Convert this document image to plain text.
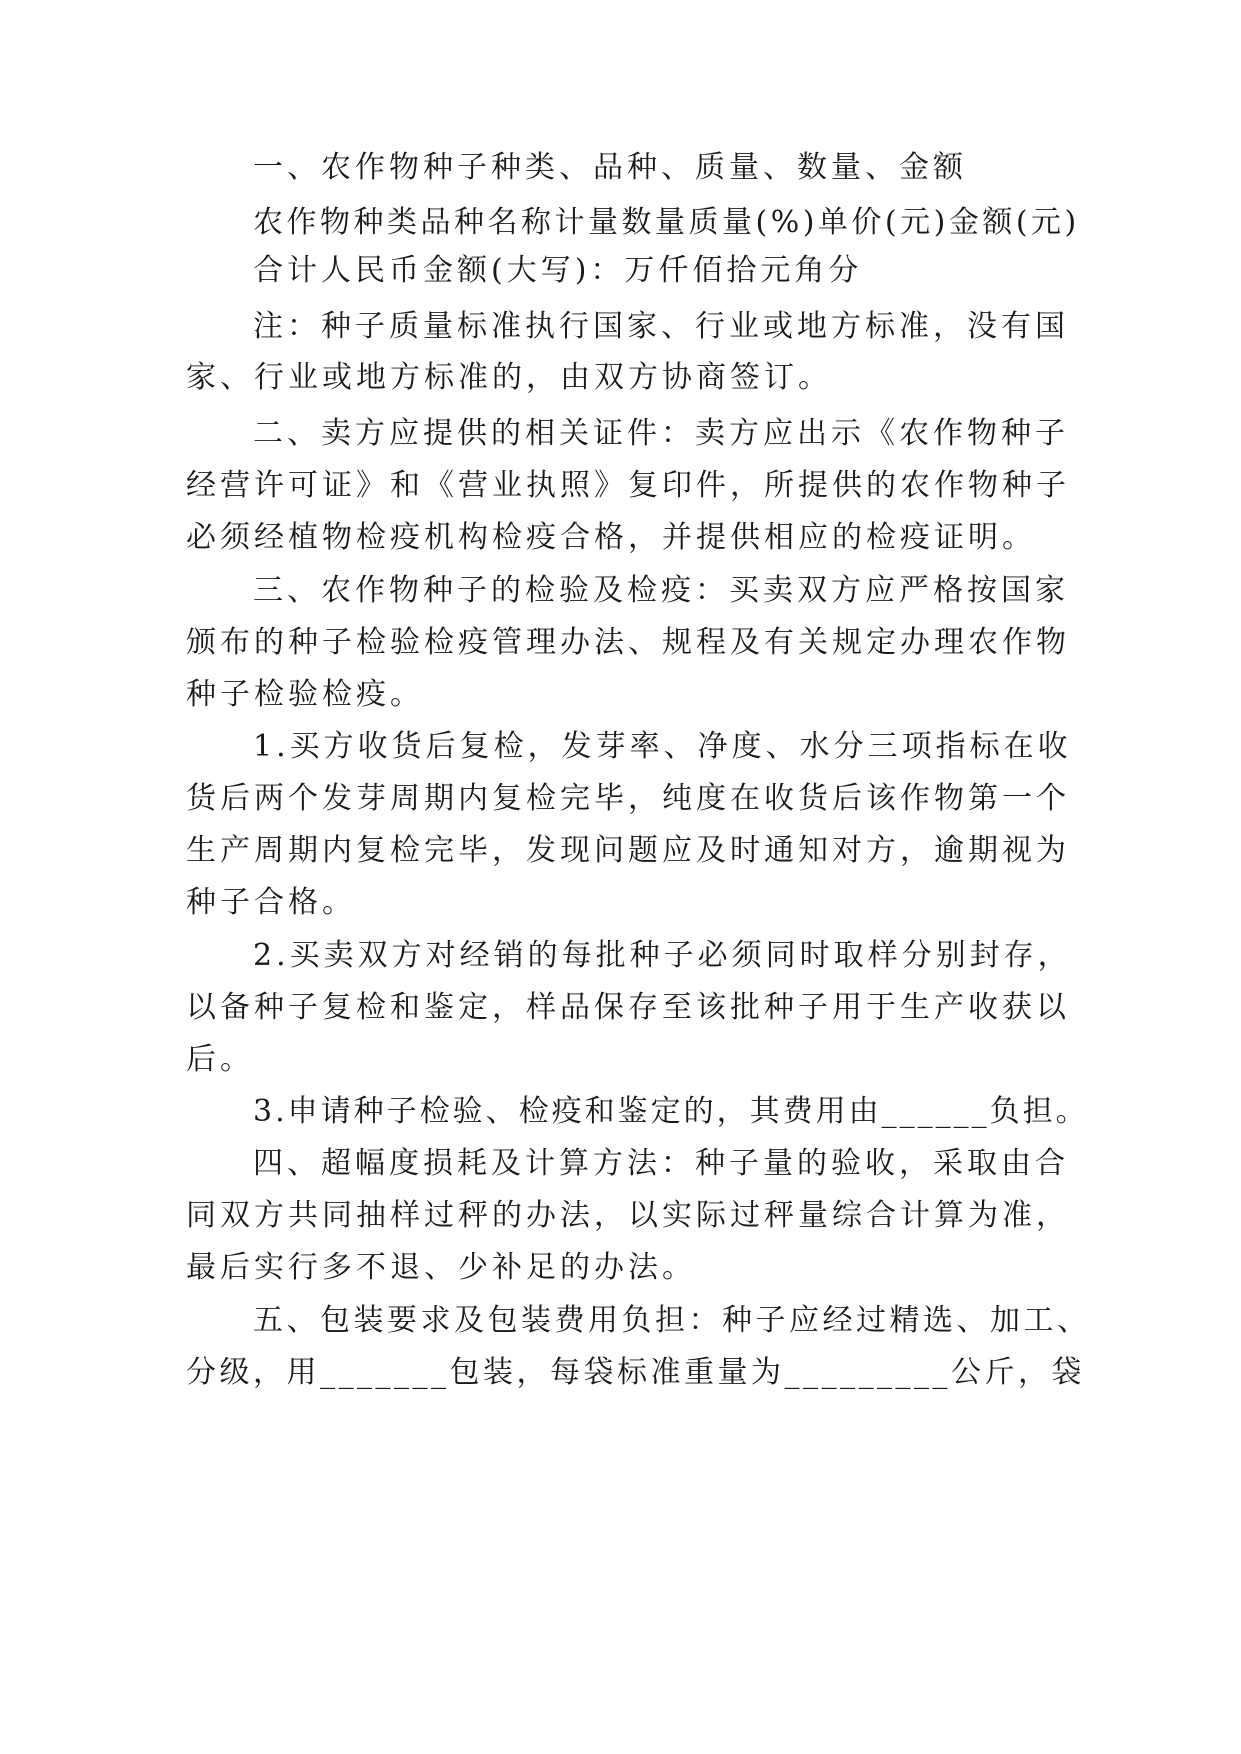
一、农作物种子种类、品种、质量、数量、金额
农作物种类品种名称计量数量质量(%)单价(元)金额(元)
合计人民币金额(大写)：万仟佰拾元角分
注：种子质量标准执行国家、行业或地方标准，没有国
家、行业或地方标准的，由双方协商签订。
二、卖方应提供的相关证件：卖方应出示《农作物种子
经营许可证》和《营业执照》复印件，所提供的农作物种子
必须经植物检疫机构检疫合格，并提供相应的检疫证明。
三、农作物种子的检验及检疫：买卖双方应严格按国家
颁布的种子检验检疫管理办法、规程及有关规定办理农作物
种子检验检疫。
1.买方收货后复检，发芽率、净度、水分三项指标在收
货后两个发芽周期内复检完毕，纯度在收货后该作物第一个
生产周期内复检完毕，发现问题应及时通知对方，逾期视为
种子合格。
2.买卖双方对经销的每批种子必须同时取样分别封存，
以备种子复检和鉴定，样品保存至该批种子用于生产收获以
后。
3.申请种子检验、检疫和鉴定的，其费用由______负担。
四、超幅度损耗及计算方法：种子量的验收，采取由合
同双方共同抽样过秤的办法，以实际过秤量综合计算为准，
最后实行多不退、少补足的办法。
五、包装要求及包装费用负担：种子应经过精选、加工、
分级，用_______包装，每袋标准重量为_________公斤，袋
